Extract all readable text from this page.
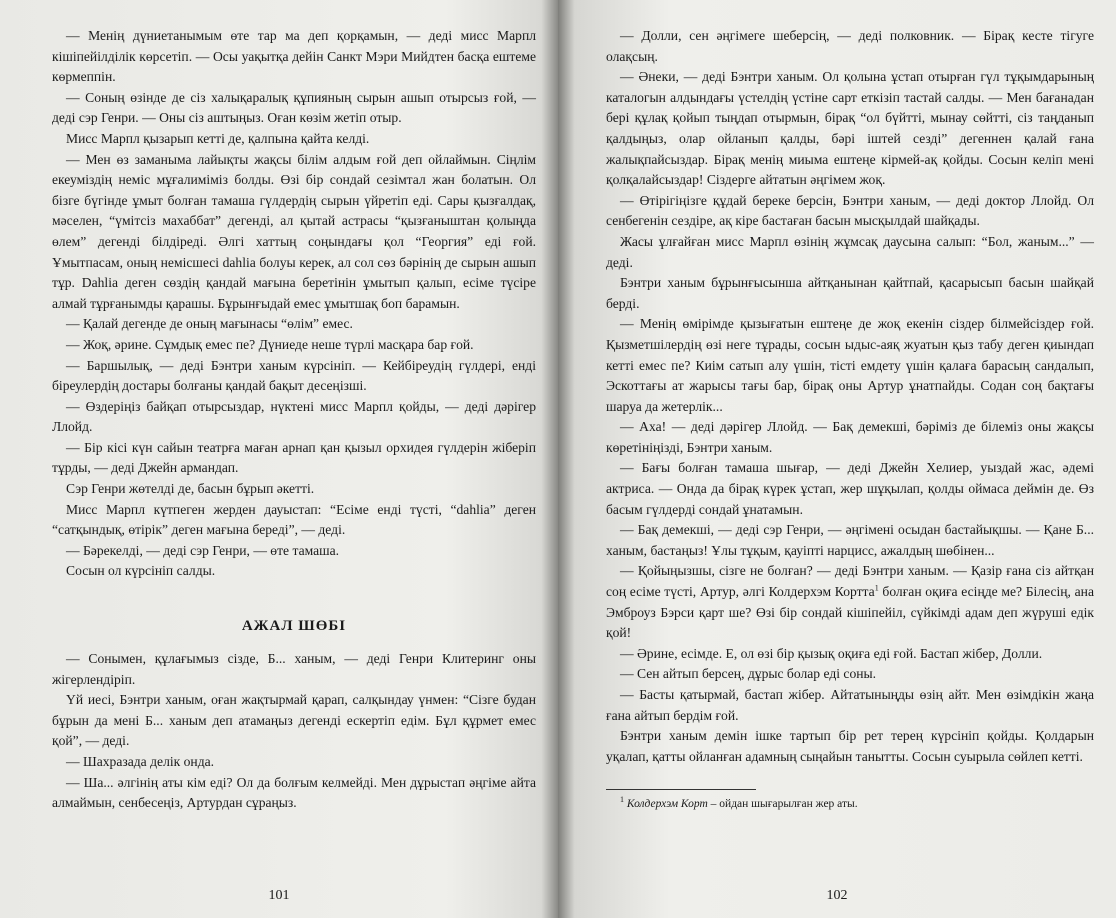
— Менің дүниетанымым өте тар ма деп қорқамын, — деді мисс Марпл кішіпейілділік көрсетіп. — Осы уақытқа дейін Санкт Мэри Мийдтен басқа ештеме көрмеппін.

— Соның өзінде де сіз халықаралық құпияның сырын ашып отырсыз ғой, — деді сэр Генри. — Оны сіз аштыңыз. Оған көзім жетіп отыр.

Мисс Марпл қызарып кетті де, қалпына қайта келді.

— Мен өз заманыма лайықты жақсы білім алдым ғой деп ойлаймын. Сіңлім екеуміздің неміс мұғалиміміз болды. Өзі бір сондай сезімтал жан болатын. Ол бізге бүгінде ұмыт болған тамаша гүлдердің сырын үйретіп еді. Сары қызғалдақ, мәселен, “үмітсіз махаббат” дегенді, ал қытай астрасы “қызғаныштан қолыңда өлем” дегенді білдіреді. Әлгі хаттың соңындағы қол “Георгия” еді ғой. Ұмытпасам, оның немісшесі dahlia болуы керек, ал сол сөз бәрінің де сырын ашып тұр. Dahlia деген сөздің қандай мағына беретінін ұмытып қалып, есіме түсіре алмай тұрғанымды қарашы. Бұрынғыдай емес ұмытшақ боп барамын.

— Қалай дегенде де оның мағынасы “өлім” емес.

— Жоқ, әрине. Сұмдық емес пе? Дүниеде неше түрлі масқара бар ғой.

— Баршылық, — деді Бэнтри ханым күрсініп. — Кейбіреудің гүлдері, енді біреулердің достары болғаны қандай бақыт десеңізші.

— Өздеріңіз байқап отырсыздар, нүктені мисс Марпл қойды, — деді дәрігер Ллойд.

— Бір кісі күн сайын театрға маған арнап қан қызыл орхидея гүлдерін жіберіп тұрды, — деді Джейн армандап.

Сэр Генри жөтелді де, басын бұрып әкетті.

Мисс Марпл күтпеген жерден дауыстап: “Есіме енді түсті, “dahlia” деген “сатқындық, өтірік” деген мағына береді”, — деді.

— Бәрекелді, — деді сэр Генри, — өте тамаша.

Сосын ол күрсініп салды.

АЖАЛ ШӨБІ

— Сонымен, құлағымыз сізде, Б... ханым, — деді Генри Клитеринг оны жігерлендіріп.

Үй иесі, Бэнтри ханым, оған жақтырмай қарап, салқындау үнмен: “Сізге будан бұрын да мені Б... ханым деп атамаңыз дегенді ескертіп едім. Бұл құрмет емес қой”, — деді.

— Шахразада делік онда.

— Ша... әлгінің аты кім еді? Ол да болғым келмейді. Мен дұрыстап әңгіме айта алмаймын, сенбесеңіз, Артурдан сұраңыз.

101

— Долли, сен әңгімеге шеберсің, — деді полковник. — Бірақ кесте тігуге олақсың.

— Әнеки, — деді Бэнтри ханым. Ол қолына ұстап отырған гүл тұқымдарының каталогын алдындағы үстелдің үстіне сарт еткізіп тастай салды. — Мен бағанадан бері құлақ қойып тыңдап отырмын, бірақ “ол бүйтті, мынау сөйтті, сіз таңданып қалдыңыз, олар ойланып қалды, бәрі іштей сезді” дегеннен қалай ғана жалықпайсыздар. Бірақ менің миыма ештеңе кірмей-ақ қойды. Сосын келіп мені қолқалайсыздар! Сіздерге айтатын әңгімем жоқ.

— Өтірігіңізге құдай береке берсін, Бэнтри ханым, — деді доктор Ллойд. Ол сенбегенін сездіре, ақ кіре бастаған басын мысқылдай шайқады.

Жасы ұлғайған мисс Марпл өзінің жұмсақ даусына салып: “Бол, жаным...” — деді.

Бэнтри ханым бұрынғысынша айтқанынан қайтпай, қасарысып басын шайқай берді.

— Менің өмірімде қызығатын ештеңе де жоқ екенін сіздер білмейсіздер ғой. Қызметшілердің өзі неге тұрады, сосын ыдыс-аяқ жуатын қыз табу деген қиындап кетті емес пе? Киім сатып алу үшін, тісті емдету үшін қалаға барасың сандалып, Эскоттағы ат жарысы тағы бар, бірақ оны Артур ұнатпайды. Содан соң бақтағы шаруа да жетерлік...

— Аха! — деді дәрігер Ллойд. — Бақ демекші, бәріміз де білеміз оны жақсы көретініңізді, Бэнтри ханым.

— Бағы болған тамаша шығар, — деді Джейн Хелиер, уыздай жас, әдемі актриса. — Онда да бірақ күрек ұстап, жер шұқылап, қолды оймаса деймін де. Өз басым гүлдерді сондай ұнатамын.

— Бақ демекші, — деді сэр Генри, — әңгімені осыдан бастайықшы. — Қане Б... ханым, бастаңыз! Ұлы тұқым, қауіпті нарцисс, ажалдың шөбінен...

— Қойыңызшы, сізге не болған? — деді Бэнтри ханым. — Қазір ғана сіз айтқан соң есіме түсті, Артур, әлгі Колдерхэм Кортта$^1$ болған оқиға есіңде ме? Білесің, ана Эмброуз Бэрси қарт ше? Өзі бір сондай кішіпейіл, сүйкімді адам деп жүруші едік қой!

— Әрине, есімде. Е, ол өзі бір қызық оқиға еді ғой. Бастап жібер, Долли.

— Сен айтып берсең, дұрыс болар еді соны.

— Басты қатырмай, бастап жібер. Айтатыныңды өзің айт. Мен өзімдікін жаңа ғана айтып бердім ғой.

Бэнтри ханым демін ішке тартып бір рет терең күрсініп қойды. Қолдарын уқалап, қатты ойланған адамның сыңайын танытты. Сосын суырыла сөйлеп кетті.

$^1$ Колдерхэм Корт – ойдан шығарылған жер аты.
102
